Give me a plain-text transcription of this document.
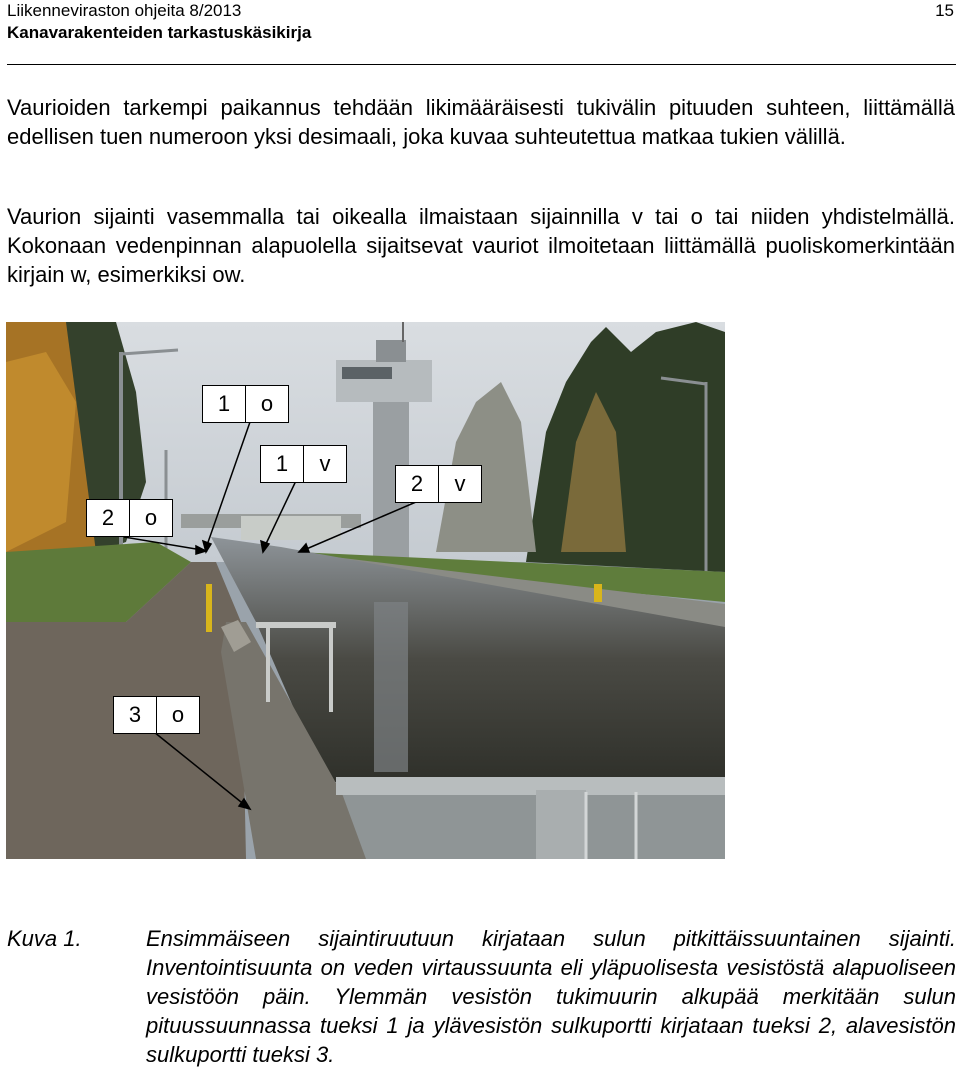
Liikenneviraston ohjeita 8/2013
Kanavarakenteiden tarkastuskäsikirja
15

Vaurioiden tarkempi paikannus tehdään likimääräisesti tukivälin pituuden suhteen, liittämällä edellisen tuen numeroon yksi desimaali, joka kuvaa suhteutettua matkaa tukien välillä.

Vaurion sijainti vasemmalla tai oikealla ilmaistaan sijainnilla v tai o tai niiden yhdistelmällä. Kokonaan vedenpinnan alapuolella sijaitsevat vauriot ilmoitetaan liittämällä puoliskomerkintään kirjain w, esimerkiksi ow.

1	o
1	v
2	v
2	o
3	o
Kuva 1.	Ensimmäiseen sijaintiruutuun kirjataan sulun pitkittäissuuntainen sijainti. Inventointisuunta on veden virtaussuunta eli yläpuolisesta vesistöstä alapuoliseen vesistöön päin. Ylemmän vesistön tukimuurin alkupää merkitään sulun pituussuunnassa tueksi 1 ja ylävesistön sulkuportti kirjataan tueksi 2, alavesistön sulkuportti tueksi 3.
